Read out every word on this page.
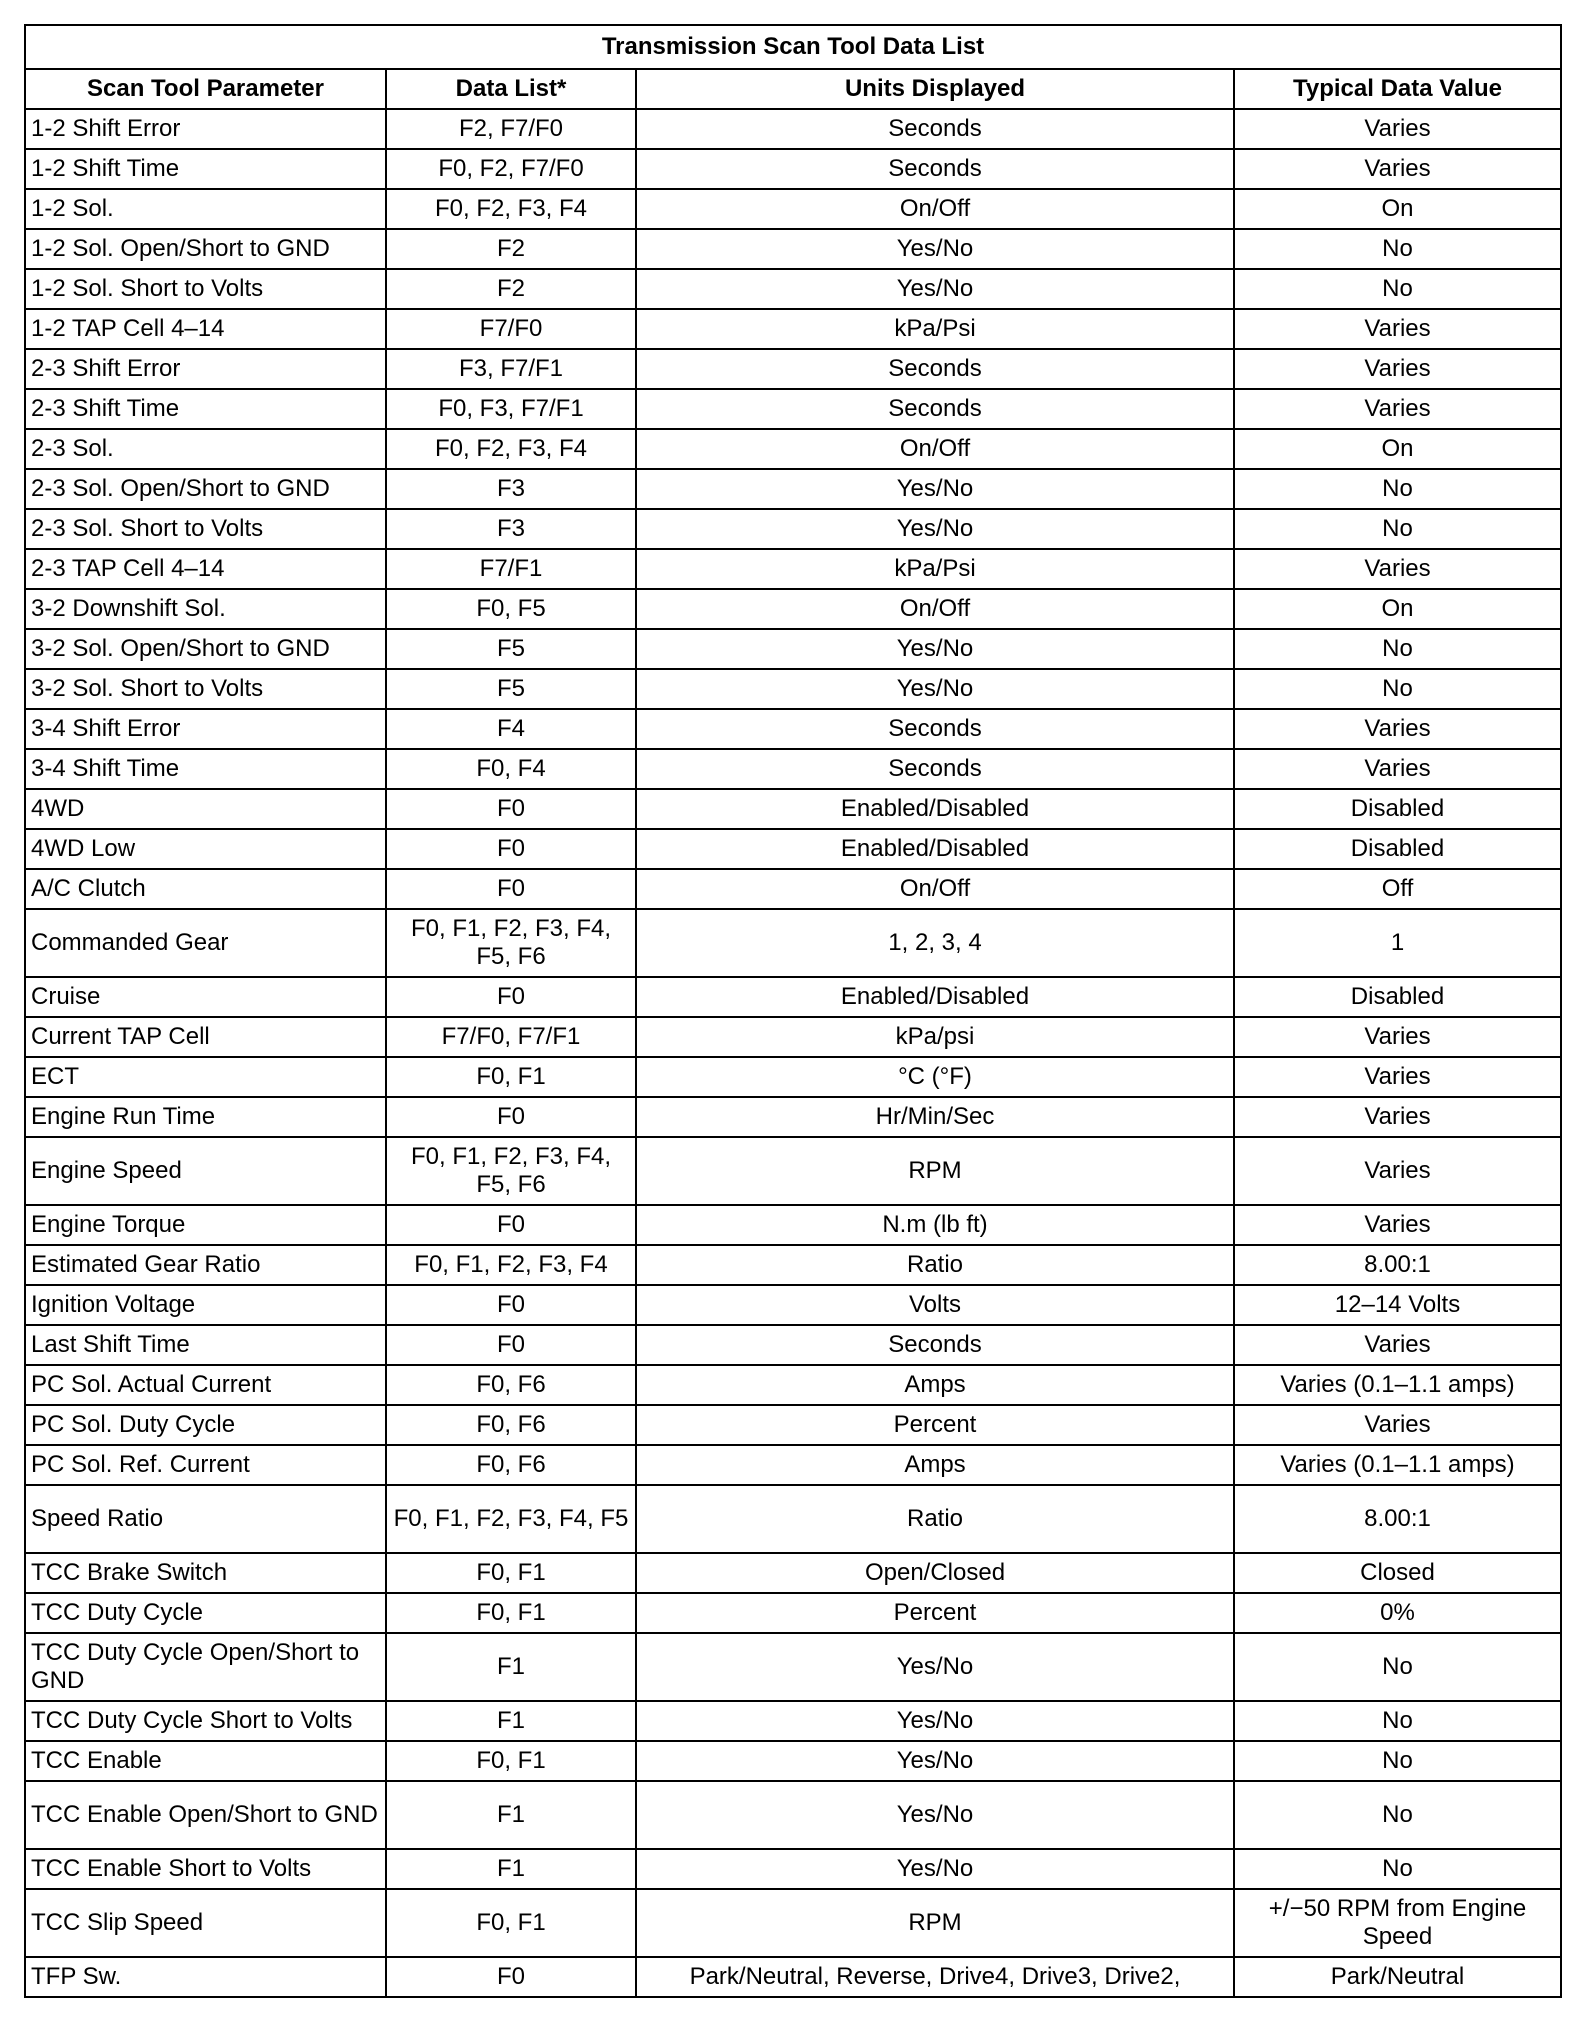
Transmission Scan Tool Data List			
Scan Tool Parameter	Data List*	Units Displayed	Typical Data Value
1-2 Shift Error	F2, F7/F0	Seconds	Varies
1-2 Shift Time	F0, F2, F7/F0	Seconds	Varies
1-2 Sol.	F0, F2, F3, F4	On/Off	On
1-2 Sol. Open/Short to GND	F2	Yes/No	No
1-2 Sol. Short to Volts	F2	Yes/No	No
1-2 TAP Cell 4–14	F7/F0	kPa/Psi	Varies
2-3 Shift Error	F3, F7/F1	Seconds	Varies
2-3 Shift Time	F0, F3, F7/F1	Seconds	Varies
2-3 Sol.	F0, F2, F3, F4	On/Off	On
2-3 Sol. Open/Short to GND	F3	Yes/No	No
2-3 Sol. Short to Volts	F3	Yes/No	No
2-3 TAP Cell 4–14	F7/F1	kPa/Psi	Varies
3-2 Downshift Sol.	F0, F5	On/Off	On
3-2 Sol. Open/Short to GND	F5	Yes/No	No
3-2 Sol. Short to Volts	F5	Yes/No	No
3-4 Shift Error	F4	Seconds	Varies
3-4 Shift Time	F0, F4	Seconds	Varies
4WD	F0	Enabled/Disabled	Disabled
4WD Low	F0	Enabled/Disabled	Disabled
A/C Clutch	F0	On/Off	Off
Commanded Gear	F0, F1, F2, F3, F4, F5, F6	1, 2, 3, 4	1
Cruise	F0	Enabled/Disabled	Disabled
Current TAP Cell	F7/F0, F7/F1	kPa/psi	Varies
ECT	F0, F1	°C (°F)	Varies
Engine Run Time	F0	Hr/Min/Sec	Varies
Engine Speed	F0, F1, F2, F3, F4, F5, F6	RPM	Varies
Engine Torque	F0	N.m (lb ft)	Varies
Estimated Gear Ratio	F0, F1, F2, F3, F4	Ratio	8.00:1
Ignition Voltage	F0	Volts	12–14 Volts
Last Shift Time	F0	Seconds	Varies
PC Sol. Actual Current	F0, F6	Amps	Varies (0.1–1.1 amps)
PC Sol. Duty Cycle	F0, F6	Percent	Varies
PC Sol. Ref. Current	F0, F6	Amps	Varies (0.1–1.1 amps)
Speed Ratio	F0, F1, F2, F3, F4, F5	Ratio	8.00:1
TCC Brake Switch	F0, F1	Open/Closed	Closed
TCC Duty Cycle	F0, F1	Percent	0%
TCC Duty Cycle Open/Short to GND	F1	Yes/No	No
TCC Duty Cycle Short to Volts	F1	Yes/No	No
TCC Enable	F0, F1	Yes/No	No
TCC Enable Open/Short to GND	F1	Yes/No	No
TCC Enable Short to Volts	F1	Yes/No	No
TCC Slip Speed	F0, F1	RPM	+/−50 RPM from Engine Speed
TFP Sw.	F0	Park/Neutral, Reverse, Drive4, Drive3, Drive2,	Park/Neutral
